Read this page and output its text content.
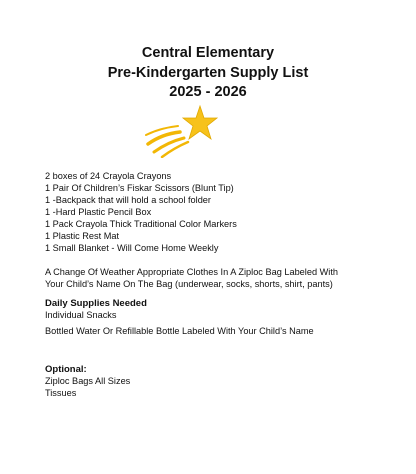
Central Elementary
Pre-Kindergarten Supply List
2025 - 2026
2 boxes of 24 Crayola Crayons
1 Pair Of Children’s Fiskar Scissors (Blunt Tip)
1 -Backpack that will hold a school folder
1 -Hard Plastic Pencil Box
1 Pack Crayola Thick Traditional Color Markers
1 Plastic Rest Mat
1 Small Blanket - Will Come Home Weekly
A Change Of Weather Appropriate Clothes In A Ziploc Bag Labeled With
Your Child’s Name On The Bag (underwear, socks, shorts, shirt, pants)
Daily Supplies Needed
Individual Snacks
Bottled Water Or Refillable Bottle Labeled With Your Child’s Name
Optional:
Ziploc Bags All Sizes
Tissues
